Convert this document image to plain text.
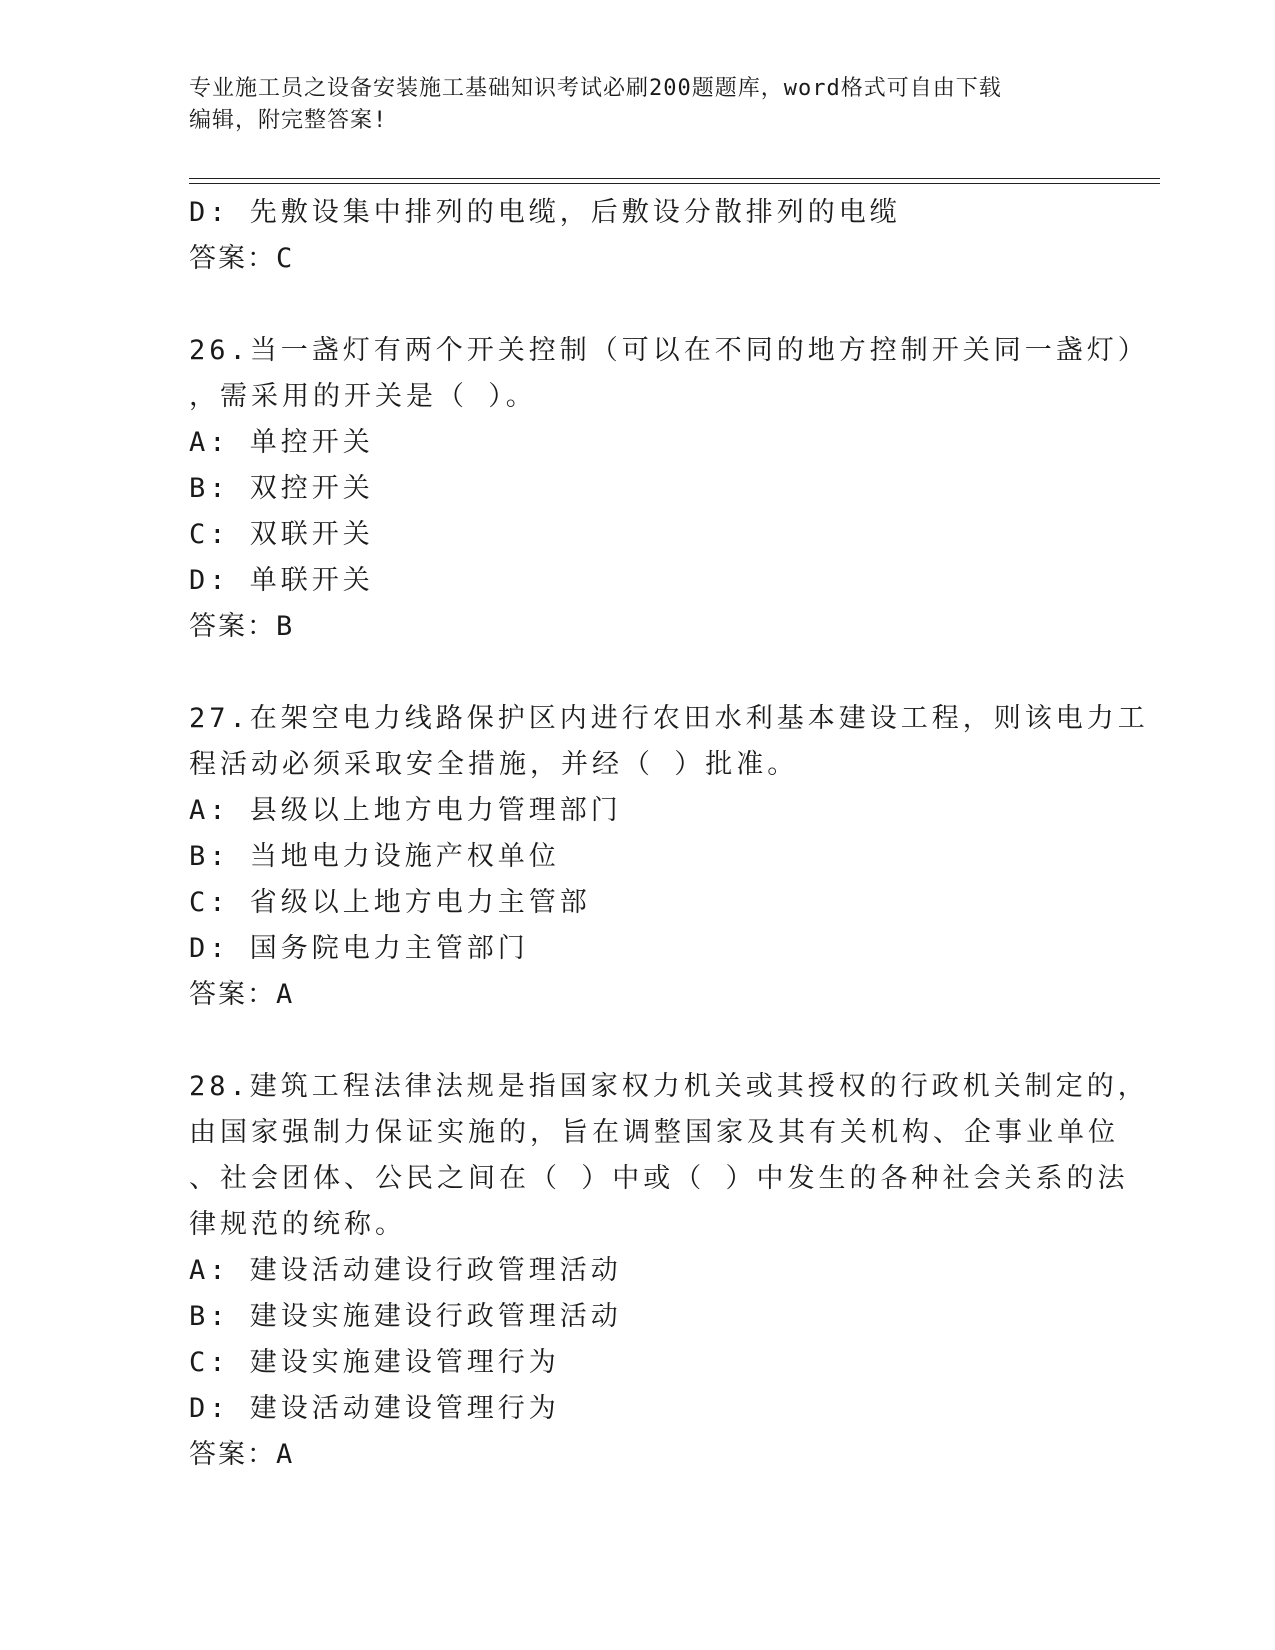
专业施工员之设备安装施工基础知识考试必刷200题题库，word格式可自由下载
编辑，附完整答案!
D: 先敷设集中排列的电缆，后敷设分散排列的电缆
答案：C
26.当一盏灯有两个开关控制（可以在不同的地方控制开关同一盏灯）
，需采用的开关是（ ）。
A: 单控开关
B: 双控开关
C: 双联开关
D: 单联开关
答案：B
27.在架空电力线路保护区内进行农田水利基本建设工程，则该电力工
程活动必须采取安全措施，并经（ ）批准。
A: 县级以上地方电力管理部门
B: 当地电力设施产权单位
C: 省级以上地方电力主管部
D: 国务院电力主管部门
答案：A
28.建筑工程法律法规是指国家权力机关或其授权的行政机关制定的，
由国家强制力保证实施的，旨在调整国家及其有关机构、企事业单位
、社会团体、公民之间在（ ）中或（ ）中发生的各种社会关系的法
律规范的统称。
A: 建设活动建设行政管理活动
B: 建设实施建设行政管理活动
C: 建设实施建设管理行为
D: 建设活动建设管理行为
答案：A
